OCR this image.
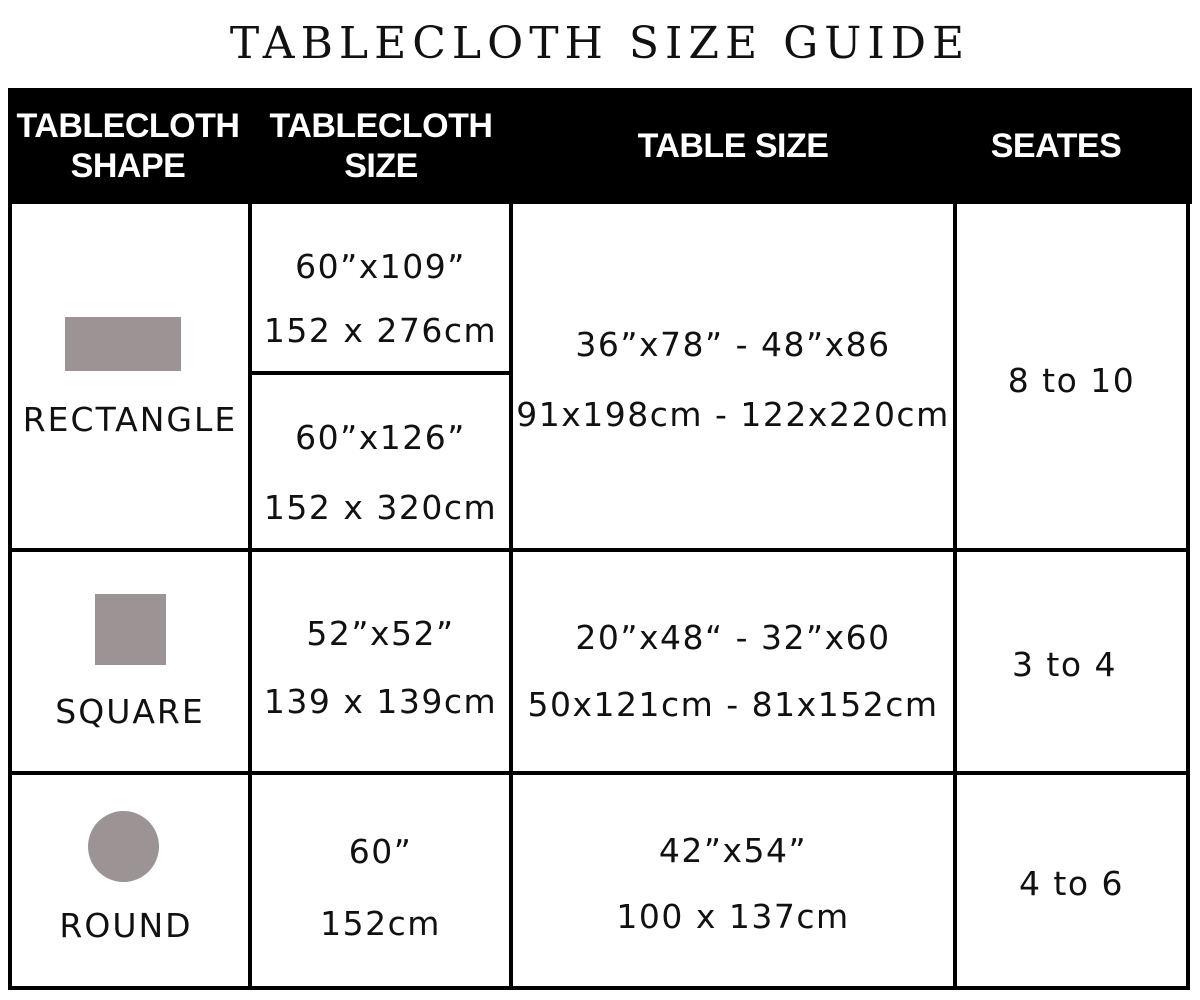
TABLECLOTH SIZE GUIDE
TABLECLOTH
SHAPE
TABLECLOTH
SIZE
TABLE SIZE	SEATES
RECTANGLE
60”x109”
152 x 276cm
60”x126”
152 x 320cm
36”x78” - 48”x86
91x198cm - 122x220cm
8 to 10
SQUARE
52”x52”
139 x 139cm
20”x48“ - 32”x60
50x121cm - 81x152cm
3 to 4
ROUND
60”
152cm
42”x54”
100 x 137cm
4 to 6
